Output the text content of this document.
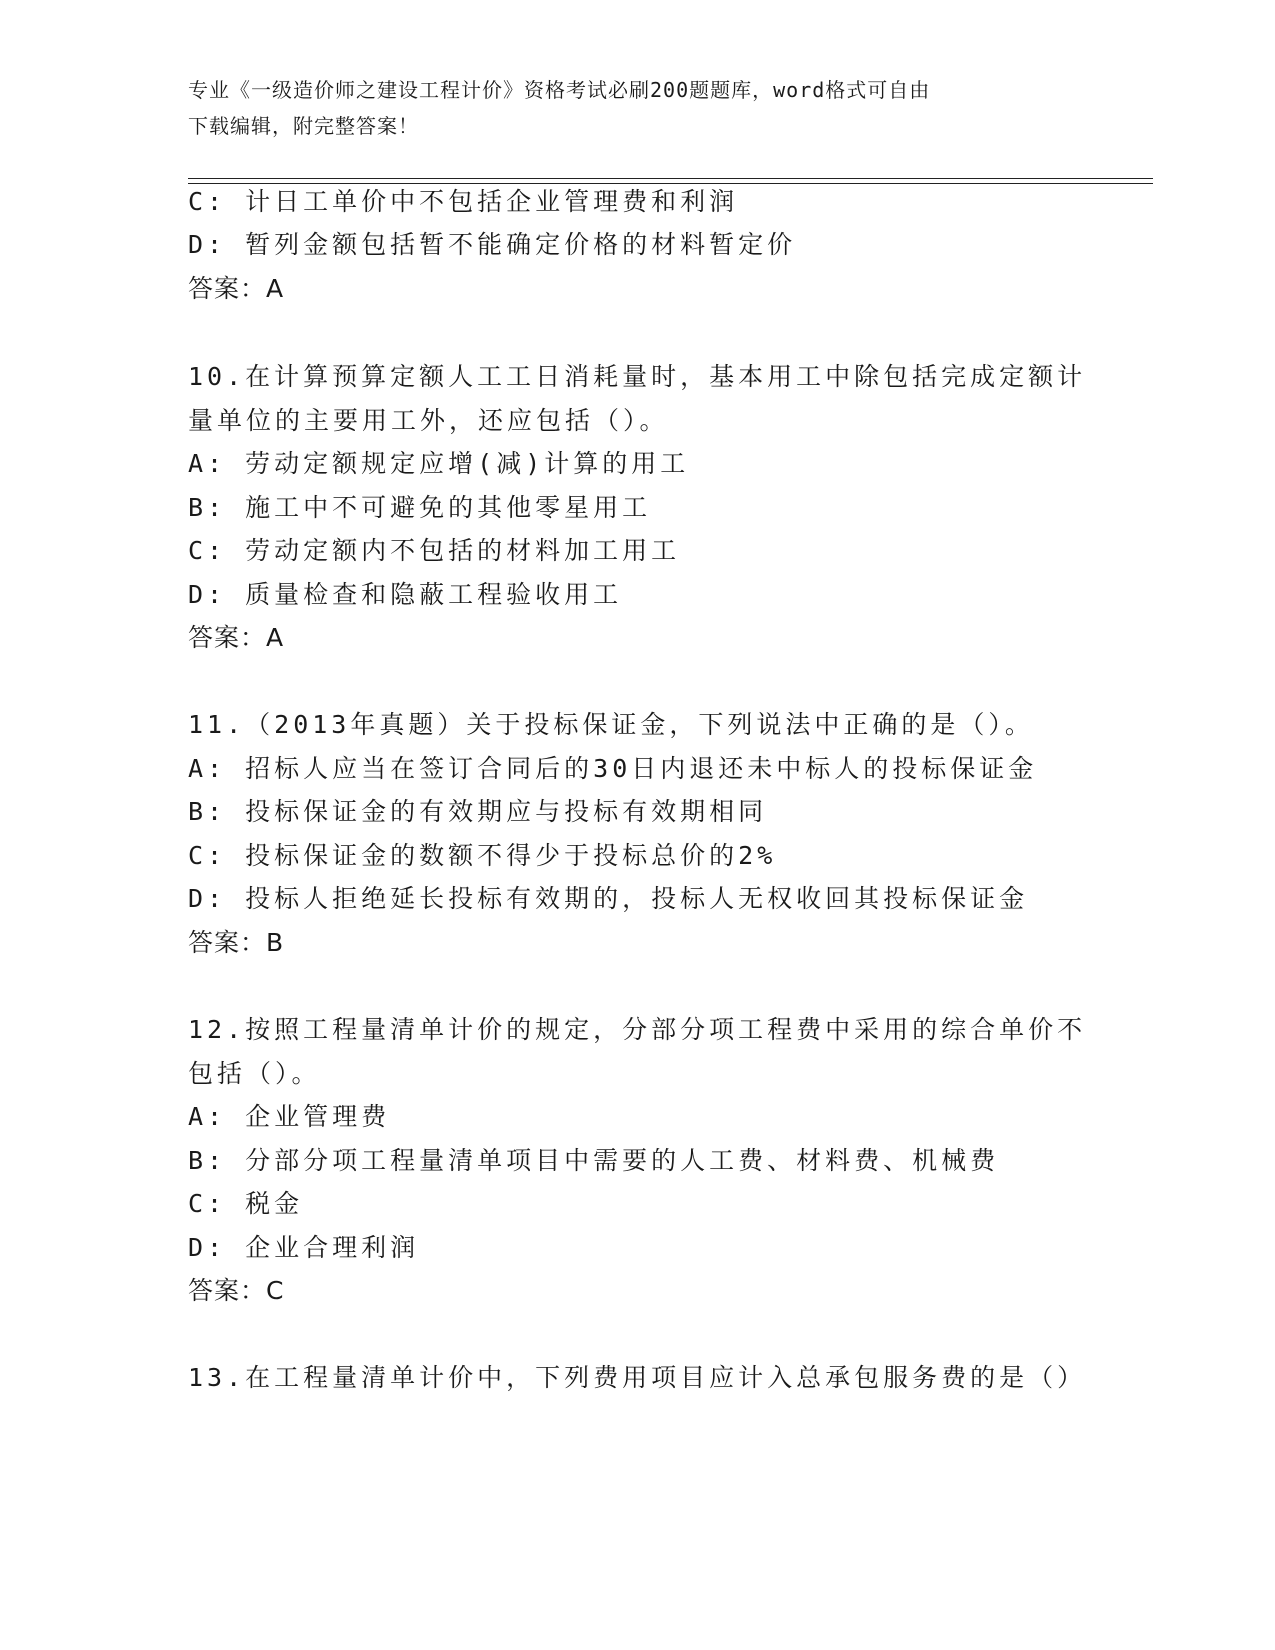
专业《一级造价师之建设工程计价》资格考试必刷200题题库，word格式可自由
下载编辑，附完整答案！
C: 计日工单价中不包括企业管理费和利润
D: 暂列金额包括暂不能确定价格的材料暂定价
答案：A
10.在计算预算定额人工工日消耗量时，基本用工中除包括完成定额计
量单位的主要用工外，还应包括（）。
A: 劳动定额规定应增(减)计算的用工
B: 施工中不可避免的其他零星用工
C: 劳动定额内不包括的材料加工用工
D: 质量检查和隐蔽工程验收用工
答案：A
11.（2013年真题）关于投标保证金，下列说法中正确的是（）。
A: 招标人应当在签订合同后的30日内退还未中标人的投标保证金
B: 投标保证金的有效期应与投标有效期相同
C: 投标保证金的数额不得少于投标总价的2%
D: 投标人拒绝延长投标有效期的，投标人无权收回其投标保证金
答案：B
12.按照工程量清单计价的规定，分部分项工程费中采用的综合单价不
包括（）。
A: 企业管理费
B: 分部分项工程量清单项目中需要的人工费、材料费、机械费
C: 税金
D: 企业合理利润
答案：C
13.在工程量清单计价中，下列费用项目应计入总承包服务费的是（）
